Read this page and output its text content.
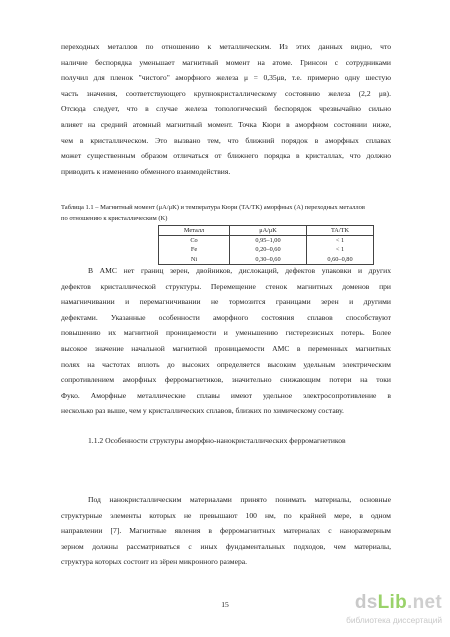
переходных металлов по отношению к металлическим. Из этих данных видно, что
наличие беспорядка уменьшает магнитный момент на атоме. Гринсон с сотрудниками
получил для пленок "чистого" аморфного железа μ = 0,35μв, т.е. примерно одну шестую
часть значения, соответствующего крупнокристаллическому состоянию железа (2,2 μв).
Отсюда следует, что в случае железа топологический беспорядок чрезвычайно сильно
влияет на средний атомный магнитный момент. Точка Кюри в аморфном состоянии ниже,
чем в кристаллическом. Это вызвано тем, что ближний порядок в аморфных сплавах
может существенным образом отличаться от ближнего порядка в кристаллах, что должно
приводить к изменению обменного взаимодействия.
Таблица 1.1 – Магнитный момент (μA/μK) и температура Кюри (TA/TK) аморфных (A) переходных металлов
по отношению к кристаллическим (K)
Металл	μA/μK	TA/TK
Co	0,95–1,00	< 1
Fe	0,20–0,60	< 1
Ni	0,30–0,60	0,60–0,80
В АМС нет границ зерен, двойников, дислокаций, дефектов упаковки и других
дефектов кристаллической структуры. Перемещение стенок магнитных доменов при
намагничивании и перемагничивании не тормозится границами зерен и другими
дефектами. Указанные особенности аморфного состояния сплавов способствуют
повышению их магнитной проницаемости и уменьшению гистерезисных потерь. Более
высокое значение начальной магнитной проницаемости АМС в переменных магнитных
полях на частотах вплоть до высоких определяется высоким удельным электрическим
сопротивлением аморфных ферромагнетиков, значительно снижающим потери на токи
Фуко. Аморфные металлические сплавы имеют удельное электросопротивление в
несколько раз выше, чем у кристаллических сплавов, близких по химическому составу.
1.1.2 Особенности структуры аморфно-нанокристаллических ферромагнетиков
Под нанокристаллическим материалами принято понимать материалы, основные
структурные элементы которых не превышают 100 нм, по крайней мере, в одном
направлении [7]. Магнитные явления в ферромагнитных материалах с наноразмерным
зерном должны рассматриваться с иных фундаментальных подходов, чем материалы,
структура которых состоит из зёрен микронного размера.
15	dsLib.net
библиотека диссертаций
